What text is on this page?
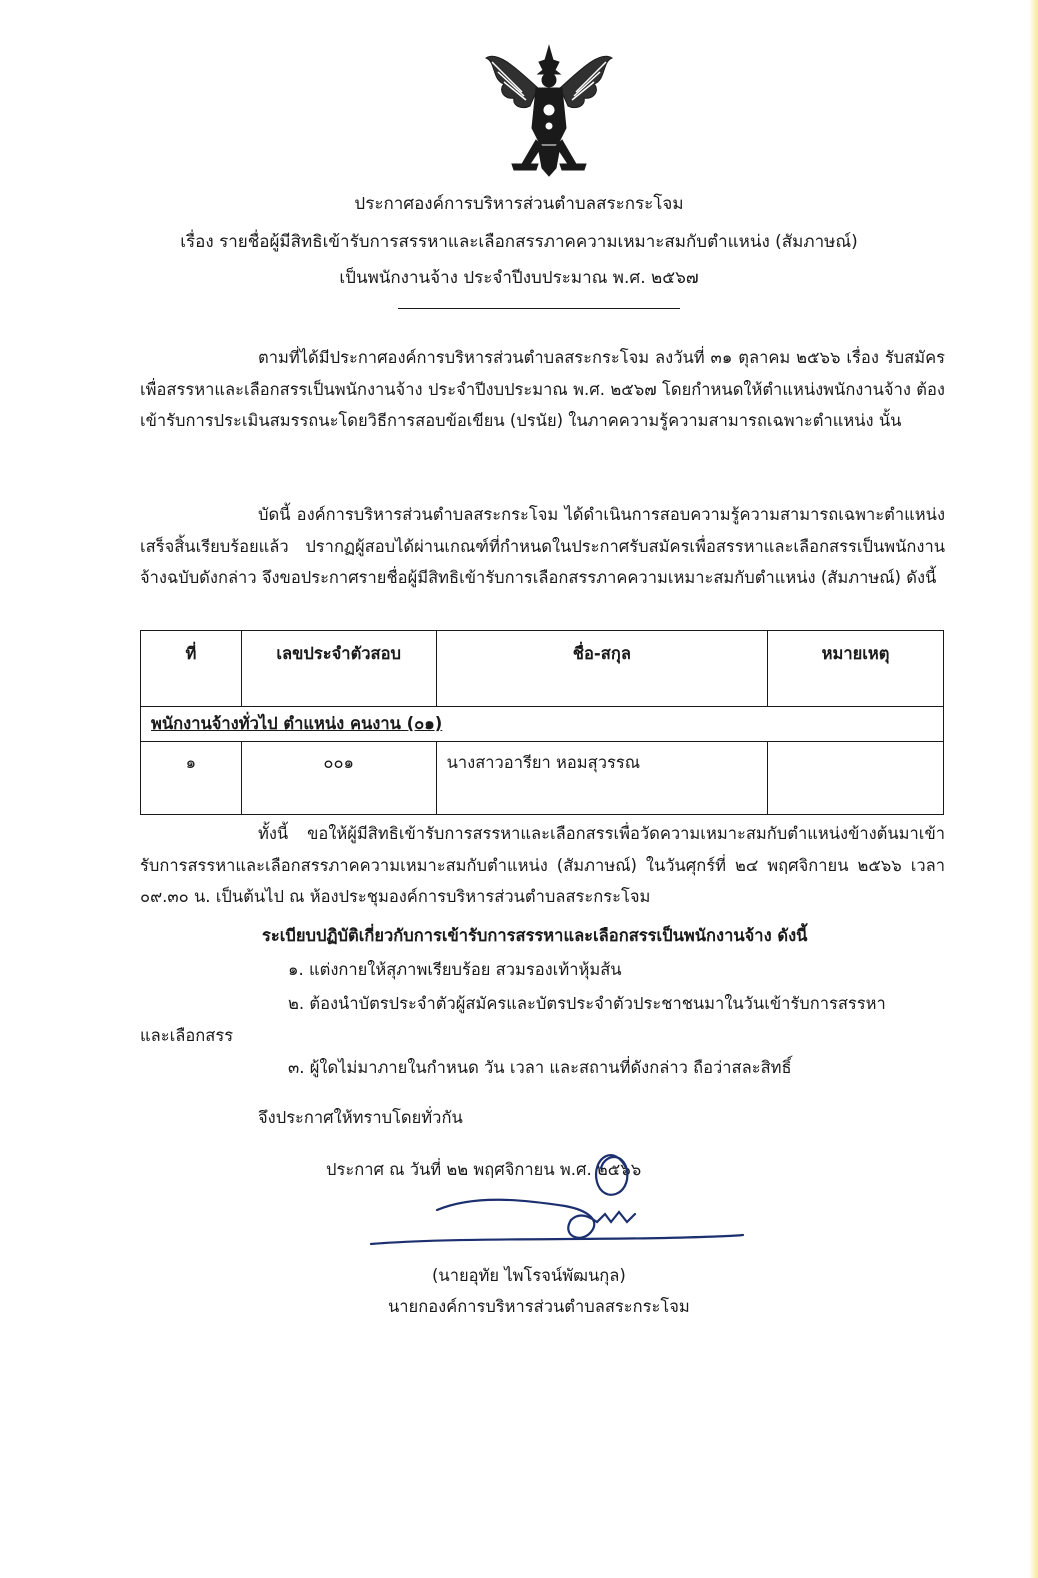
ประกาศองค์การบริหารส่วนตำบลสระกระโจม
เรื่อง รายชื่อผู้มีสิทธิเข้ารับการสรรหาและเลือกสรรภาคความเหมาะสมกับตำแหน่ง (สัมภาษณ์)
เป็นพนักงานจ้าง ประจำปีงบประมาณ พ.ศ. ๒๕๖๗
ตามที่ได้มีประกาศองค์การบริหารส่วนตำบลสระกระโจม ลงวันที่ ๓๑ ตุลาคม ๒๕๖๖ เรื่อง รับสมัครเพื่อสรรหาและเลือกสรรเป็นพนักงานจ้าง ประจำปีงบประมาณ พ.ศ. ๒๕๖๗ โดยกำหนดให้ตำแหน่งพนักงานจ้าง ต้องเข้ารับการประเมินสมรรถนะโดยวิธีการสอบข้อเขียน (ปรนัย) ในภาคความรู้ความสามารถเฉพาะตำแหน่ง นั้น
บัดนี้ องค์การบริหารส่วนตำบลสระกระโจม ได้ดำเนินการสอบความรู้ความสามารถเฉพาะตำแหน่งเสร็จสิ้นเรียบร้อยแล้ว ปรากฏผู้สอบได้ผ่านเกณฑ์ที่กำหนดในประกาศรับสมัครเพื่อสรรหาและเลือกสรรเป็นพนักงานจ้างฉบับดังกล่าว จึงขอประกาศรายชื่อผู้มีสิทธิเข้ารับการเลือกสรรภาคความเหมาะสมกับตำแหน่ง (สัมภาษณ์) ดังนี้
ที่	เลขประจำตัวสอบ	ชื่อ-สกุล	หมายเหตุ
พนักงานจ้างทั่วไป ตำแหน่ง คนงาน (๐๑)			
๑	๐๐๑	นางสาวอารียา หอมสุวรรณ	
ทั้งนี้ ขอให้ผู้มีสิทธิเข้ารับการสรรหาและเลือกสรรเพื่อวัดความเหมาะสมกับตำแหน่งข้างต้นมาเข้ารับการสรรหาและเลือกสรรภาคความเหมาะสมกับตำแหน่ง (สัมภาษณ์) ในวันศุกร์ที่ ๒๔ พฤศจิกายน ๒๕๖๖ เวลา ๐๙.๓๐ น. เป็นต้นไป ณ ห้องประชุมองค์การบริหารส่วนตำบลสระกระโจม
ระเบียบปฏิบัติเกี่ยวกับการเข้ารับการสรรหาและเลือกสรรเป็นพนักงานจ้าง ดังนี้
๑. แต่งกายให้สุภาพเรียบร้อย สวมรองเท้าหุ้มส้น
๒. ต้องนำบัตรประจำตัวผู้สมัครและบัตรประจำตัวประชาชนมาในวันเข้ารับการสรรหา
และเลือกสรร
๓. ผู้ใดไม่มาภายในกำหนด วัน เวลา และสถานที่ดังกล่าว ถือว่าสละสิทธิ์
จึงประกาศให้ทราบโดยทั่วกัน
ประกาศ ณ วันที่ ๒๒ พฤศจิกายน พ.ศ. ๒๕๖๖
(นายอุทัย ไพโรจน์พัฒนกุล)
นายกองค์การบริหารส่วนตำบลสระกระโจม
